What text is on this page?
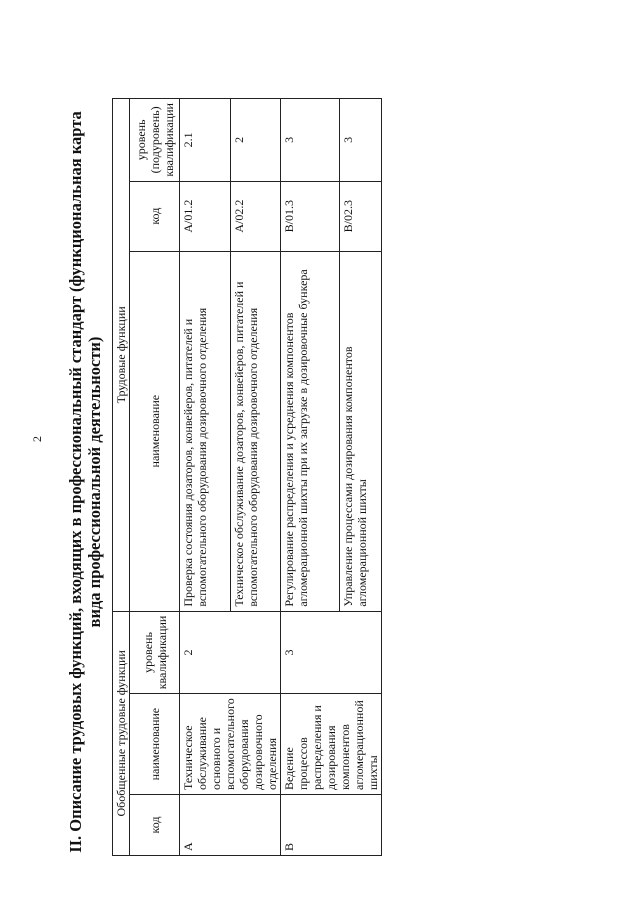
2 II. Описание трудовых функций, входящих в профессиональный стандарт (функциональная карта вида профессиональной деятельности)
Обобщенные трудовые функции			Трудовые функции		
код	наименование	уровень квалификации	наименование	код	уровень (подуровень) квалификации
А	Техническое обслуживание основного и вспомогательного оборудования дозировочного отделения	2	Проверка состояния дозаторов, конвейеров, питателей и вспомогательного оборудования дозировочного отделения	А/01.2	2.1
			Техническое обслуживание дозаторов, конвейеров, питателей и вспомогательного оборудования дозировочного отделения	А/02.2	2
В	Ведение процессов распределения и дозирования компонентов агломерационной шихты	3	Регулирование распределения и усреднения компонентов агломерационной шихты при их загрузке в дозировочные бункера	В/01.3	3
			Управление процессами дозирования компонентов агломерационной шихты	В/02.3	3
